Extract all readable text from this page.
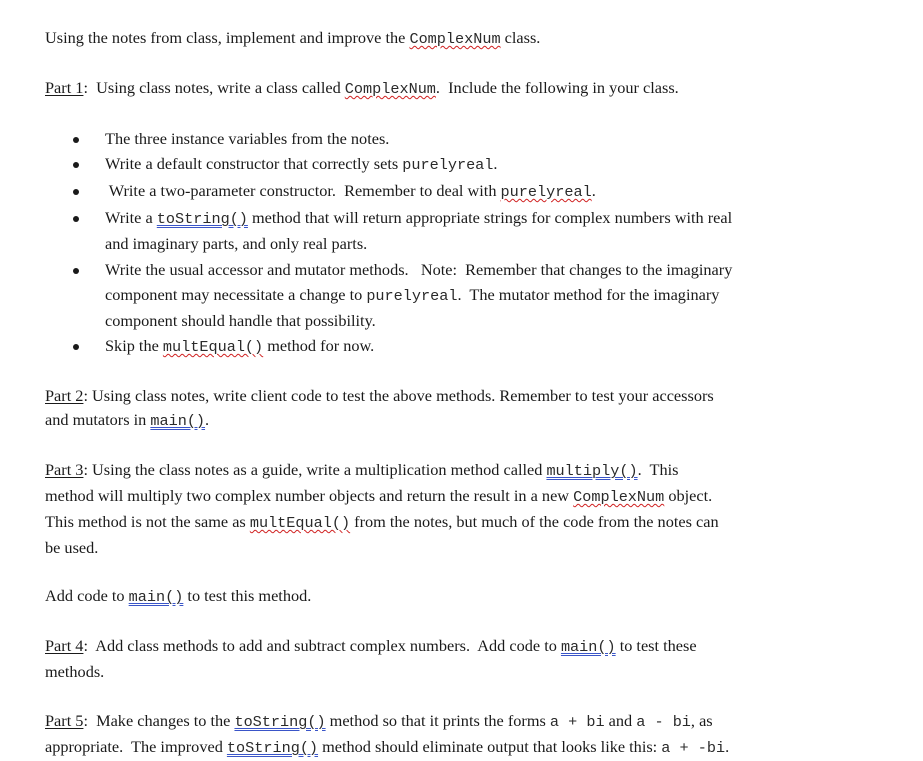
Using the notes from class, implement and improve the ComplexNum class.
Part 1:  Using class notes, write a class called ComplexNum.  Include the following in your class.
The three instance variables from the notes.
Write a default constructor that correctly sets purelyreal.
Write a two-parameter constructor.  Remember to deal with purelyreal.
Write a toString() method that will return appropriate strings for complex numbers with real
and imaginary parts, and only real parts.
Write the usual accessor and mutator methods.   Note:  Remember that changes to the imaginary
component may necessitate a change to purelyreal.  The mutator method for the imaginary
component should handle that possibility.
Skip the multEqual() method for now.
Part 2: Using class notes, write client code to test the above methods. Remember to test your accessors
and mutators in main().
Part 3: Using the class notes as a guide, write a multiplication method called multiply().  This
method will multiply two complex number objects and return the result in a new ComplexNum object.
This method is not the same as multEqual() from the notes, but much of the code from the notes can
be used.
Add code to main() to test this method.
Part 4:  Add class methods to add and subtract complex numbers.  Add code to main() to test these
methods.
Part 5:  Make changes to the toString() method so that it prints the forms a + bi and a - bi, as
appropriate.  The improved toString() method should eliminate output that looks like this: a + -bi.
